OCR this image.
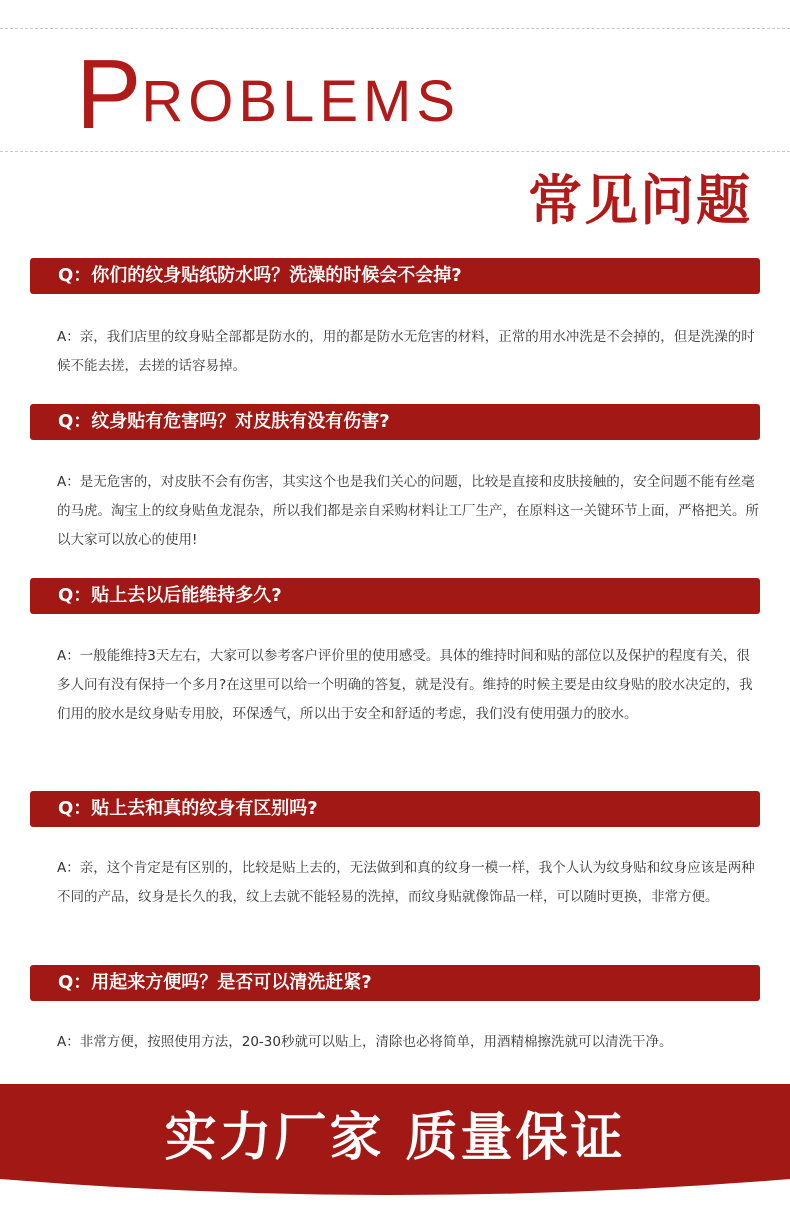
PROBLEMS
常见问题
Q：你们的纹身贴纸防水吗？洗澡的时候会不会掉?
A：亲，我们店里的纹身贴全部都是防水的，用的都是防水无危害的材料，正常的用水冲洗是不会掉的，但是洗澡的时候不能去搓，去搓的话容易掉。
Q：纹身贴有危害吗？对皮肤有没有伤害?
A：是无危害的，对皮肤不会有伤害，其实这个也是我们关心的问题，比较是直接和皮肤接触的，安全问题不能有丝毫的马虎。淘宝上的纹身贴鱼龙混杂，所以我们都是亲自采购材料让工厂生产，在原料这一关键环节上面，严格把关。所以大家可以放心的使用!
Q：贴上去以后能维持多久?
A：一般能维持3天左右，大家可以参考客户评价里的使用感受。具体的维持时间和贴的部位以及保护的程度有关，很多人问有没有保持一个多月?在这里可以给一个明确的答复，就是没有。维持的时候主要是由纹身贴的胶水决定的，我们用的胶水是纹身贴专用胶，环保透气，所以出于安全和舒适的考虑，我们没有使用强力的胶水。
Q：贴上去和真的纹身有区别吗?
A：亲，这个肯定是有区别的，比较是贴上去的，无法做到和真的纹身一模一样，我个人认为纹身贴和纹身应该是两种不同的产品，纹身是长久的我，纹上去就不能轻易的洗掉，而纹身贴就像饰品一样，可以随时更换，非常方便。
Q：用起来方便吗？是否可以清洗赶紧?
A：非常方便，按照使用方法，20-30秒就可以贴上，清除也必将简单，用酒精棉擦洗就可以清洗干净。
实力厂家 质量保证
